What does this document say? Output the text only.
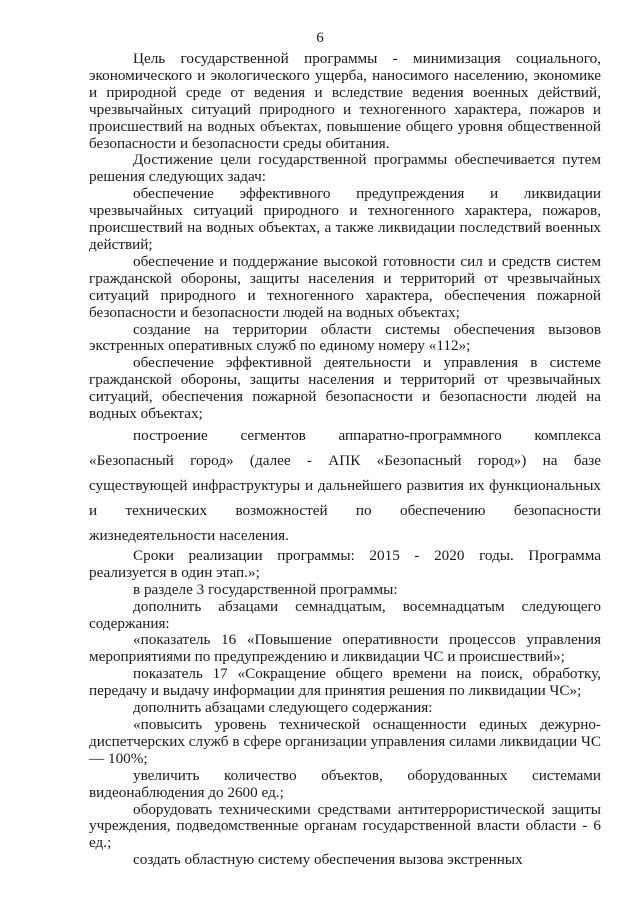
6

Цель государственной программы - минимизация социального, экономического и экологического ущерба, наносимого населению, экономике и природной среде от ведения и вследствие ведения военных действий, чрезвычайных ситуаций природного и техногенного характера, пожаров и происшествий на водных объектах, повышение общего уровня общественной безопасности и безопасности среды обитания.

Достижение цели государственной программы обеспечивается путем решения следующих задач:

обеспечение эффективного предупреждения и ликвидации чрезвычайных ситуаций природного и техногенного характера, пожаров, происшествий на водных объектах, а также ликвидации последствий военных действий;

обеспечение и поддержание высокой готовности сил и средств систем гражданской обороны, защиты населения и территорий от чрезвычайных ситуаций природного и техногенного характера, обеспечения пожарной безопасности и безопасности людей на водных объектах;

создание на территории области системы обеспечения вызовов экстренных оперативных служб по единому номеру «112»;

обеспечение эффективной деятельности и управления в системе гражданской обороны, защиты населения и территорий от чрезвычайных ситуаций, обеспечения пожарной безопасности и безопасности людей на водных объектах;

построение сегментов аппаратно-программного комплекса «Безопасный город» (далее - АПК «Безопасный город») на базе существующей инфраструктуры и дальнейшего развития их функциональных и технических возможностей по обеспечению безопасности жизнедеятельности населения.

Сроки реализации программы: 2015 - 2020 годы. Программа реализуется в один этап.»;

в разделе 3 государственной программы:

дополнить абзацами семнадцатым, восемнадцатым следующего содержания:

«показатель 16 «Повышение оперативности процессов управления мероприятиями по предупреждению и ликвидации ЧС и происшествий»;

показатель 17 «Сокращение общего времени на поиск, обработку, передачу и выдачу информации для принятия решения по ликвидации ЧС»;

дополнить абзацами следующего содержания:

«повысить уровень технической оснащенности единых дежурно-диспетчерских служб в сфере организации управления силами ликвидации ЧС — 100%;

увеличить количество объектов, оборудованных системами видеонаблюдения до 2600 ед.;

оборудовать техническими средствами антитеррористической защиты учреждения, подведомственные органам государственной власти области - 6 ед.;

создать областную систему обеспечения вызова экстренных
